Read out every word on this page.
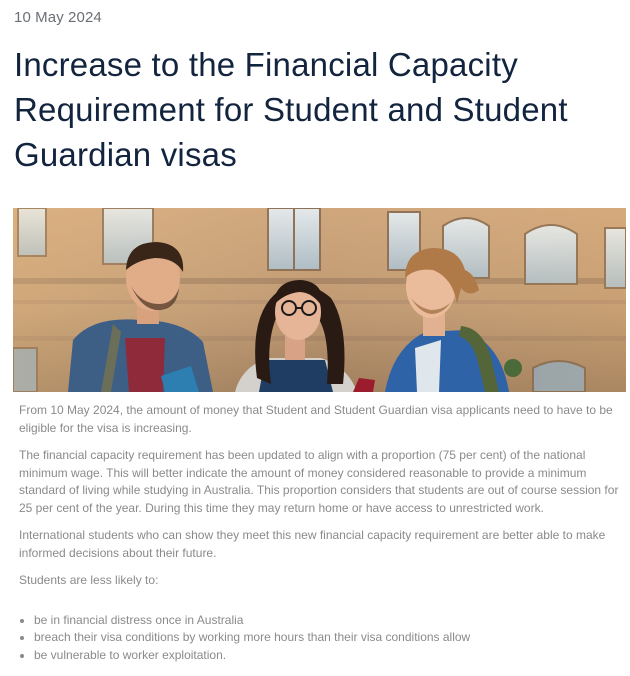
10 May 2024
Increase to the Financial Capacity Requirement for Student and Student Guardian visas

From 10 May 2024, the amount of money that Student and Student Guardian visa applicants need to have to be eligible for the visa is increasing.

The financial capacity requirement has been updated to align with a proportion (75 per cent) of the national minimum wage. This will better indicate the amount of money considered reasonable to provide a minimum standard of living while studying in Australia. This proportion considers that students are out of course session for 25 per cent of the year. During this time they may return home or have access to unrestricted work.

International students who can show they meet this new financial capacity requirement are better able to make informed decisions about their future.

Students are less likely to:

• be in financial distress once in Australia
• breach their visa conditions by working more hours than their visa conditions allow
• be vulnerable to worker exploitation.
